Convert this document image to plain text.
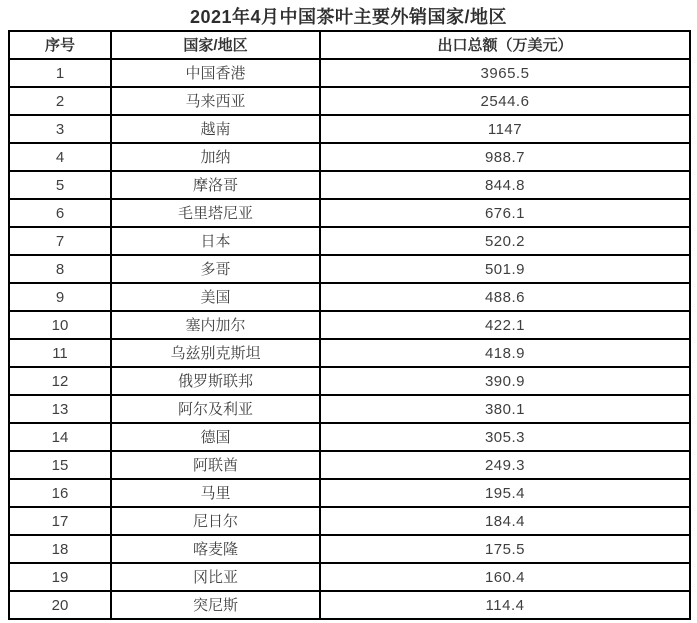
2021年4月中国茶叶主要外销国家/地区
序号	国家/地区	出口总额（万美元）
1	中国香港	3965.5
2	马来西亚	2544.6
3	越南	1147
4	加纳	988.7
5	摩洛哥	844.8
6	毛里塔尼亚	676.1
7	日本	520.2
8	多哥	501.9
9	美国	488.6
10	塞内加尔	422.1
11	乌兹别克斯坦	418.9
12	俄罗斯联邦	390.9
13	阿尔及利亚	380.1
14	德国	305.3
15	阿联酋	249.3
16	马里	195.4
17	尼日尔	184.4
18	喀麦隆	175.5
19	冈比亚	160.4
20	突尼斯	114.4
